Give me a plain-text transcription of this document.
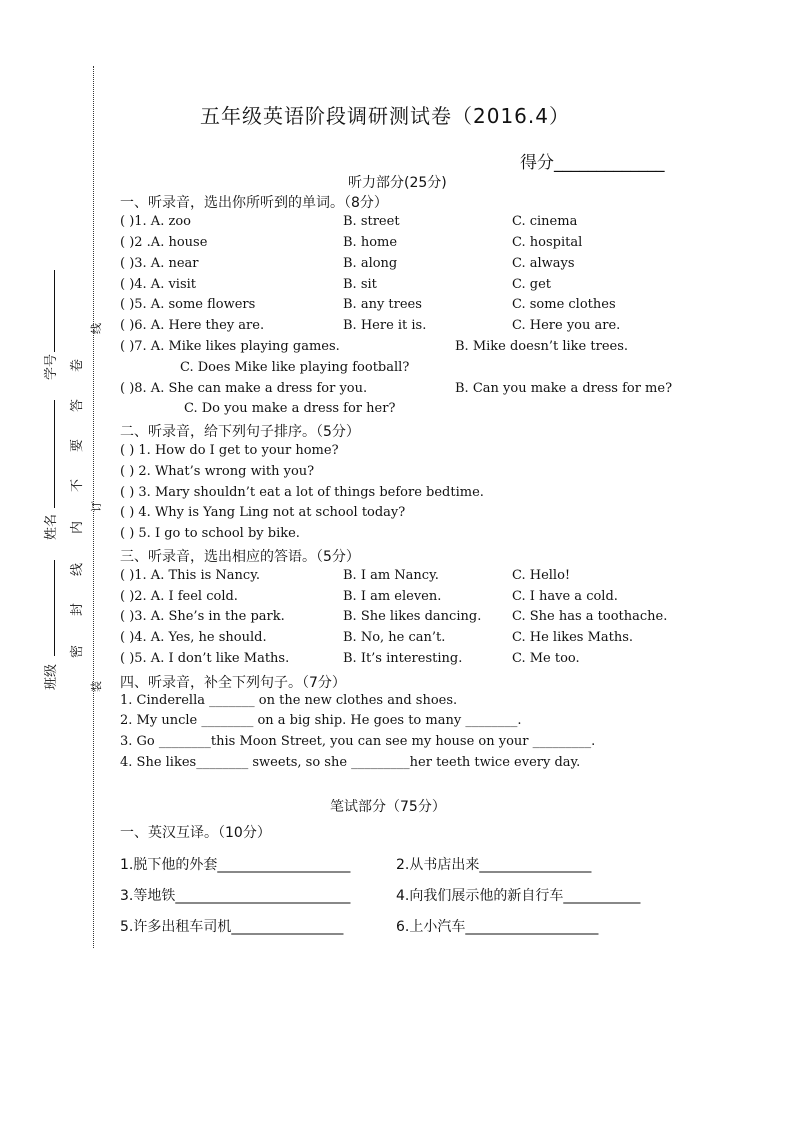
学号
姓名
班级
卷
答
要
不
内
线
封
密
线
订
装
五年级英语阶段调研测试卷（2016.4）
得分_____________
听力部分(25分)
一、听录音，选出你所听到的单词。（8分）
( )1. A. zoo	B. street	C. cinema
( )2 .A. house	B. home	C. hospital
( )3. A. near	B. along	C. always
( )4. A. visit	B. sit	C. get
( )5. A. some flowers	B. any trees	C. some clothes
( )6. A. Here they are.	B. Here it is.	C. Here you are.
( )7. A. Mike likes playing games.	B. Mike doesn’t like trees.
C. Does Mike like playing football?
( )8. A. She can make a dress for you.	B. Can you make a dress for me?
C. Do you make a dress for her?
二、听录音，给下列句子排序。（5分）
( ) 1. How do I get to your home?
( ) 2. What’s wrong with you?
( ) 3. Mary shouldn’t eat a lot of things before bedtime.
( ) 4. Why is Yang Ling not at school today?
( ) 5. I go to school by bike.
三、听录音，选出相应的答语。（5分）
( )1. A. This is Nancy.	B. I am Nancy.	C. Hello!
( )2. A. I feel cold.	B. I am eleven.	C. I have a cold.
( )3. A. She’s in the park.	B. She likes dancing. C. She has a toothache.
( )4. A. Yes, he should.	B. No, he can’t.	C. He likes Maths.
( )5. A. I don’t like Maths.	B. It’s interesting.	C. Me too.
四、听录音，补全下列句子。（7分）
1. Cinderella _______ on the new clothes and shoes.
2. My uncle ________ on a big ship. He goes to many ________.
3. Go ________this Moon Street, you can see my house on your _________.
4. She likes________ sweets, so she _________her teeth twice every day.
笔试部分（75分）
一、英汉互译。（10分）
1.脱下他的外套___________________	2.从书店出来________________
3.等地铁_________________________	4.向我们展示他的新自行车___________
5.许多出租车司机________________	6.上小汽车___________________
